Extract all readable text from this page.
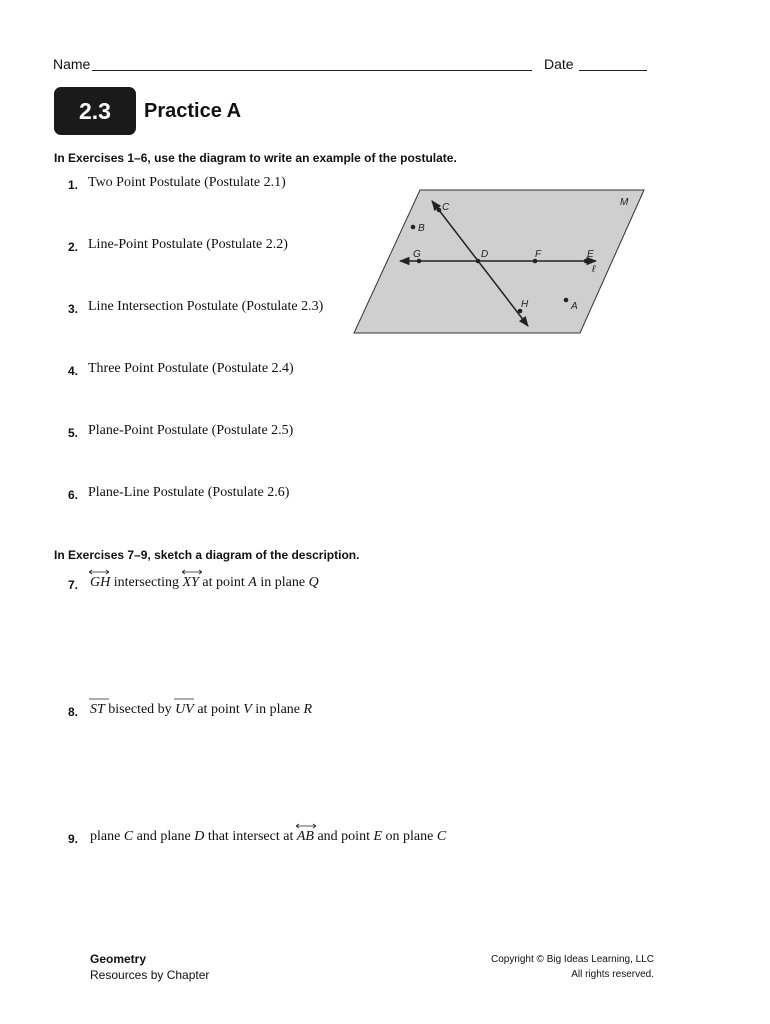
Name	Date
2.3 Practice A
In Exercises 1–6, use the diagram to write an example of the postulate.
1. Two Point Postulate (Postulate 2.1)
2. Line-Point Postulate (Postulate 2.2)
3. Line Intersection Postulate (Postulate 2.3)
4. Three Point Postulate (Postulate 2.4)
5. Plane-Point Postulate (Postulate 2.5)
6. Plane-Line Postulate (Postulate 2.6)
M
ℓ
C
B
G	D	F	E
H	A
In Exercises 7–9, sketch a diagram of the description.
7. GH intersecting
XY at point A in plane Q
8. ST bisected by
UV at point V in plane R
9. plane C and plane D that intersect at
AB and point E on plane C
Geometry
Resources by Chapter
Copyright © Big Ideas Learning, LLC
All rights reserved.
